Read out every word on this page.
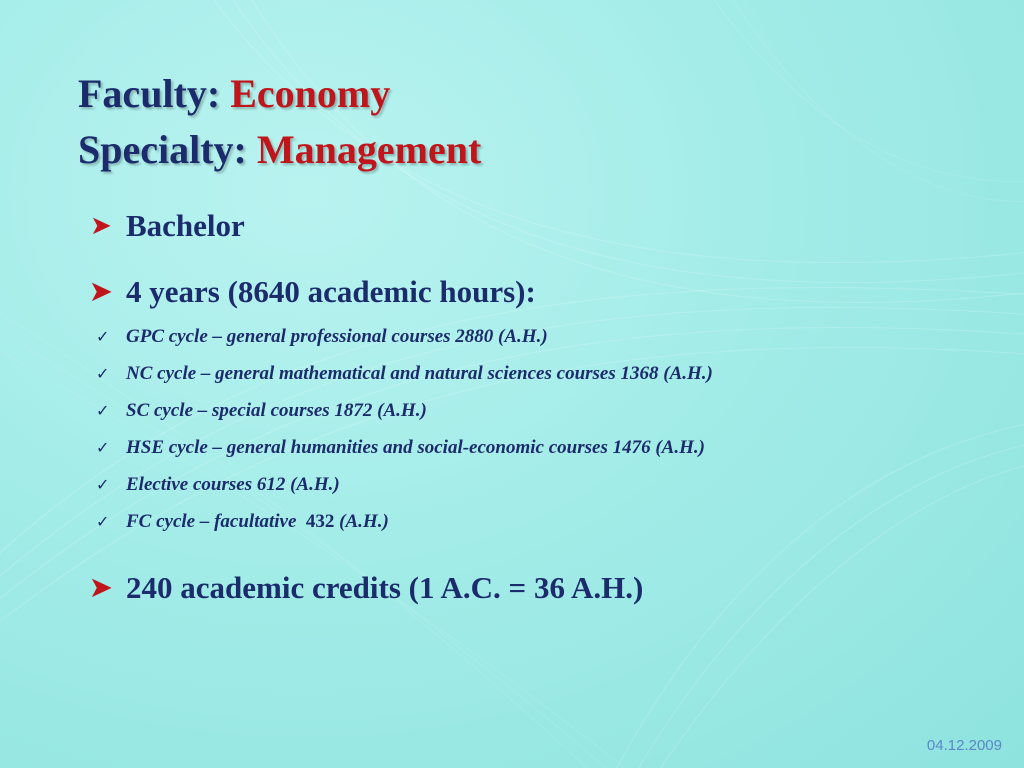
Faculty: Economy
Specialty: Management
➤ Bachelor
➤ 4 years (8640 academic hours):
✓ GPC cycle – general professional courses 2880 (A.H.)
✓ NC cycle – general mathematical and natural sciences courses 1368 (A.H.)
✓ SC cycle – special courses 1872 (A.H.)
✓ HSE cycle – general humanities and social-economic courses 1476 (A.H.)
✓ Elective courses 612 (A.H.)
✓ FC cycle – facultative  432 (A.H.)
➤ 240 academic credits (1 A.C. = 36 A.H.)
04.12.2009
